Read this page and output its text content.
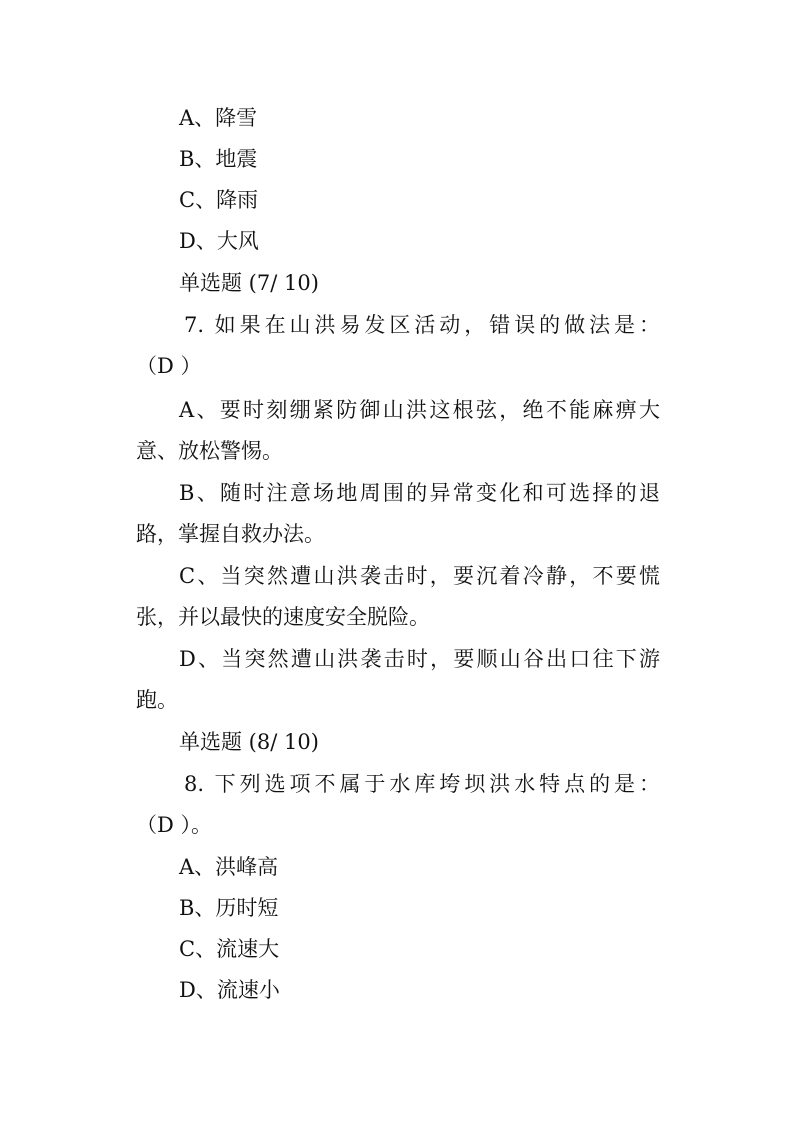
A、降雪
B、地震
C、降雨
D、大风
单选题 (7/ 10)
7. 如果在山洪易发区活动，错误的做法是：
（D ）
A、要时刻绷紧防御山洪这根弦，绝不能麻痹大
意、放松警惕。
B、随时注意场地周围的异常变化和可选择的退
路，掌握自救办法。
C、当突然遭山洪袭击时，要沉着冷静，不要慌
张，并以最快的速度安全脱险。
D、当突然遭山洪袭击时，要顺山谷出口往下游
跑。
单选题 (8/ 10)
8. 下列选项不属于水库垮坝洪水特点的是：
（D ）。
A、洪峰高
B、历时短
C、流速大
D、流速小
